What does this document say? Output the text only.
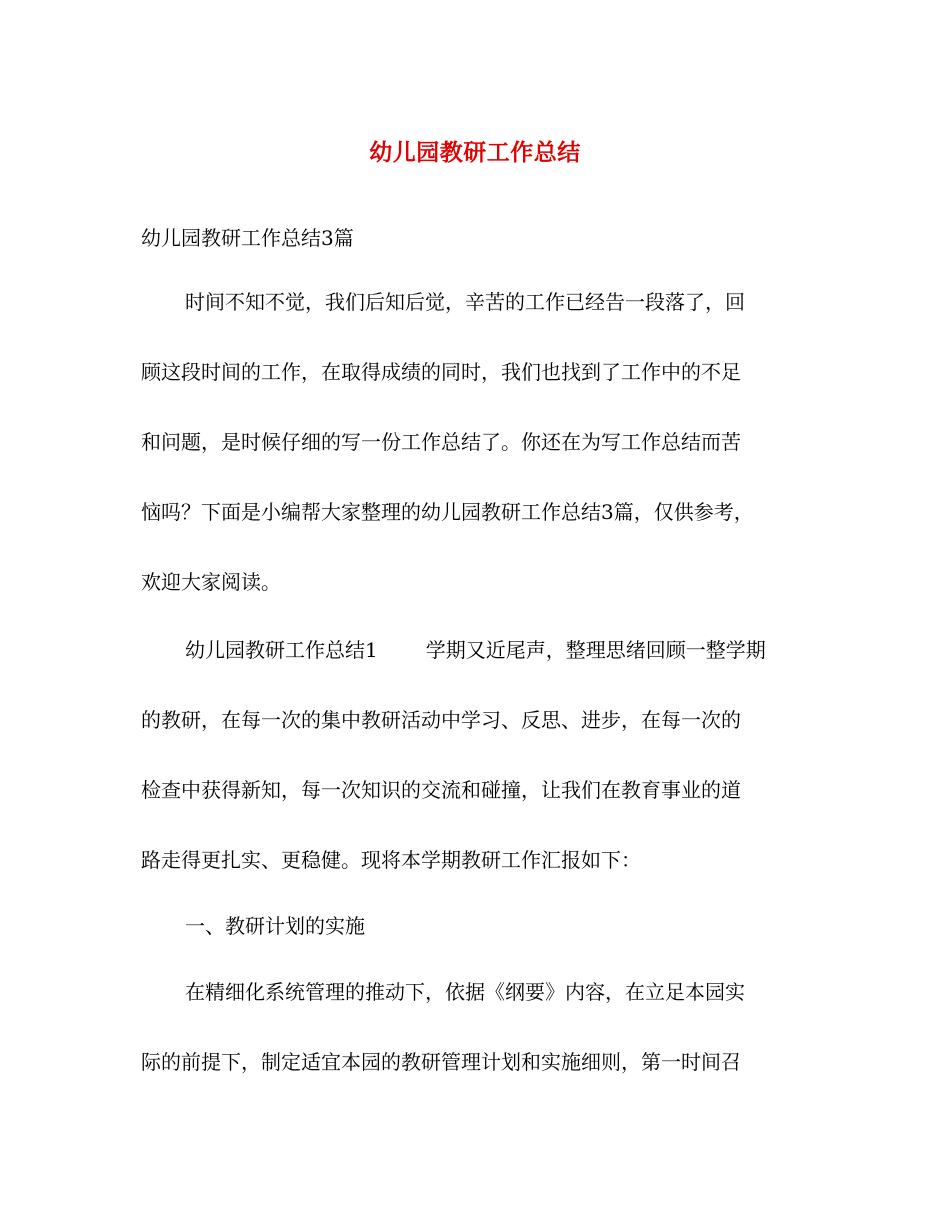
幼儿园教研工作总结
幼儿园教研工作总结3篇
时间不知不觉，我们后知后觉，辛苦的工作已经告一段落了，回
顾这段时间的工作，在取得成绩的同时，我们也找到了工作中的不足
和问题，是时候仔细的写一份工作总结了。你还在为写工作总结而苦
恼吗？下面是小编帮大家整理的幼儿园教研工作总结3篇，仅供参考，
欢迎大家阅读。
幼儿园教研工作总结1 学期又近尾声，整理思绪回顾一整学期
的教研，在每一次的集中教研活动中学习、反思、进步，在每一次的
检查中获得新知，每一次知识的交流和碰撞，让我们在教育事业的道
路走得更扎实、更稳健。现将本学期教研工作汇报如下：
一、教研计划的实施
在精细化系统管理的推动下，依据《纲要》内容，在立足本园实
际的前提下，制定适宜本园的教研管理计划和实施细则，第一时间召
